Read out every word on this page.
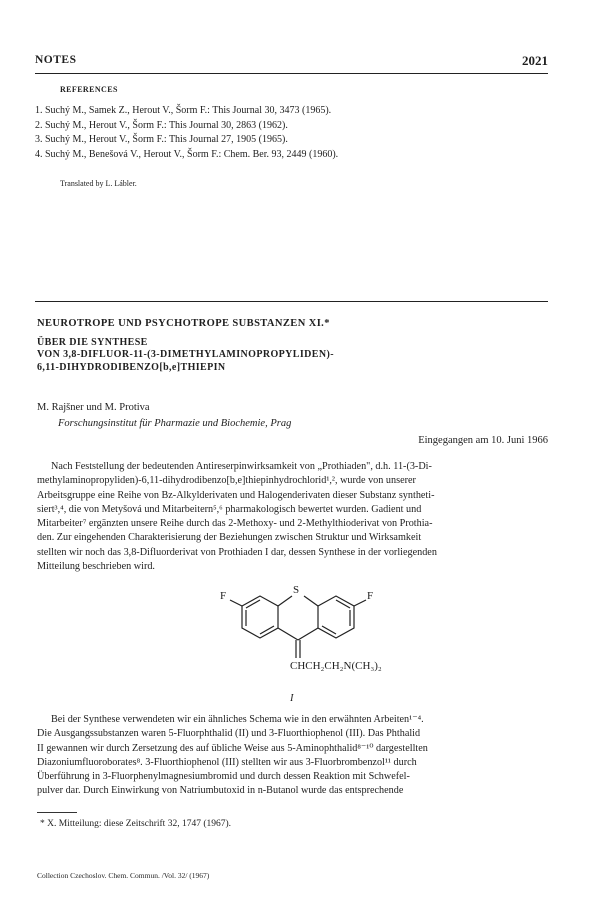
NOTES	2021
REFERENCES
1. Suchý M., Samek Z., Herout V., Šorm F.: This Journal 30, 3473 (1965).
2. Suchý M., Herout V., Šorm F.: This Journal 30, 2863 (1962).
3. Suchý M., Herout V., Šorm F.: This Journal 27, 1905 (1965).
4. Suchý M., Benešová V., Herout V., Šorm F.: Chem. Ber. 93, 2449 (1960).
Translated by L. Lábler.
NEUROTROPE UND PSYCHOTROPE SUBSTANZEN XI.*
ÜBER DIE SYNTHESE
VON 3,8-DIFLUOR-11-(3-DIMETHYLAMINOPROPYLIDEN)-
6,11-DIHYDRODIBENZO[b,e]THIEPIN
M. Rajšner und M. Protiva
Forschungsinstitut für Pharmazie und Biochemie, Prag
Eingegangen am 10. Juni 1966

Nach Feststellung der bedeutenden Antireserpinwirksamkeit von „Prothiaden", d.h. 11-(3-Di-
methylaminopropyliden)-6,11-dihydrodibenzo[b,e]thiepinhydrochlorid¹,², wurde von unserer
Arbeitsgruppe eine Reihe von Bz-Alkylderivaten und Halogenderivaten dieser Substanz syntheti-
siert³,⁴, die von Metyšová und Mitarbeitern⁵,⁶ pharmakologisch bewertet wurden. Gadient und
Mitarbeiter⁷ ergänzten unsere Reihe durch das 2-Methoxy- und 2-Methylthioderivat von Prothia-
den. Zur eingehenden Charakterisierung der Beziehungen zwischen Struktur und Wirksamkeit
stellten wir noch das 3,8-Difluorderivat von Prothiaden I dar, dessen Synthese in der vorliegenden
Mitteilung beschrieben wird.

F	F
S
CHCH₂CH₂N(CH₃)₂
I

Bei der Synthese verwendeten wir ein ähnliches Schema wie in den erwähnten Arbeiten¹⁻⁴.
Die Ausgangssubstanzen waren 5-Fluorphthalid (II) und 3-Fluorthiophenol (III). Das Phthalid
II gewannen wir durch Zersetzung des auf übliche Weise aus 5-Aminophthalid⁸⁻¹⁰ dargestellten
Diazoniumfluoroborates⁸. 3-Fluorthiophenol (III) stellten wir aus 3-Fluorbrombenzol¹¹ durch
Überführung in 3-Fluorphenylmagnesiumbromid und durch dessen Reaktion mit Schwefel-
pulver dar. Durch Einwirkung von Natriumbutoxid in n-Butanol wurde das entsprechende

* X. Mitteilung: diese Zeitschrift 32, 1747 (1967).
Collection Czechoslov. Chem. Commun. /Vol. 32/ (1967)
